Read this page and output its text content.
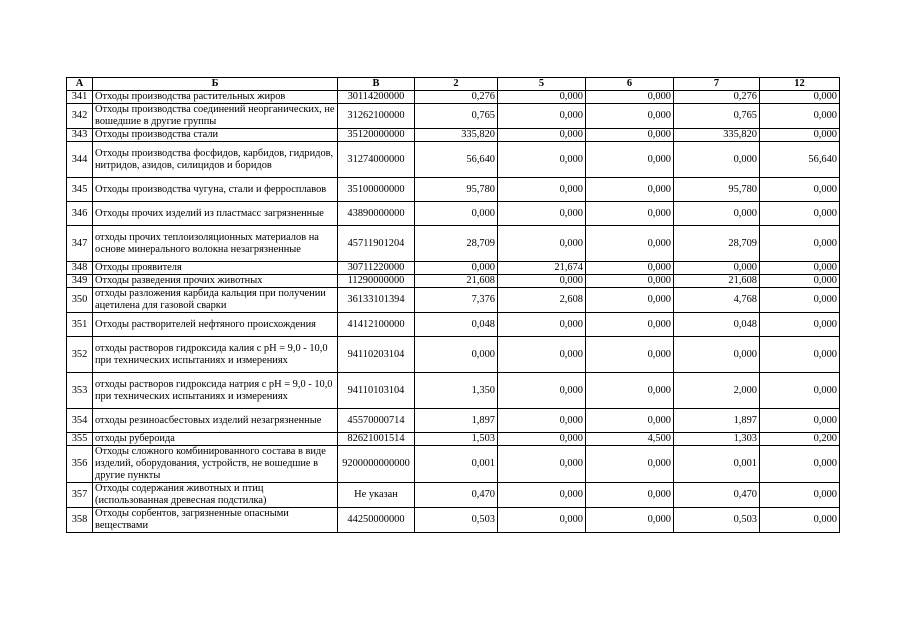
А	Б	В	2	5	6	7	12
341	Отходы производства растительных жиров	30114200000	0,276	0,000	0,000	0,276	0,000
342	Отходы производства соединений неорганических, не вошедшие в другие группы	31262100000	0,765	0,000	0,000	0,765	0,000
343	Отходы производства стали	35120000000	335,820	0,000	0,000	335,820	0,000
344	Отходы производства фосфидов, карбидов, гидридов, нитридов, азидов, силицидов и боридов	31274000000	56,640	0,000	0,000	0,000	56,640
345	Отходы производства чугуна, стали и ферросплавов	35100000000	95,780	0,000	0,000	95,780	0,000
346	Отходы прочих изделий из пластмасс загрязненные	43890000000	0,000	0,000	0,000	0,000	0,000
347	отходы прочих теплоизоляционных материалов на основе минерального волокна незагрязненные	45711901204	28,709	0,000	0,000	28,709	0,000
348	Отходы проявителя	30711220000	0,000	21,674	0,000	0,000	0,000
349	Отходы разведения прочих животных	11290000000	21,608	0,000	0,000	21,608	0,000
350	отходы разложения карбида кальция при получении ацетилена для газовой сварки	36133101394	7,376	2,608	0,000	4,768	0,000
351	Отходы растворителей нефтяного происхождения	41412100000	0,048	0,000	0,000	0,048	0,000
352	отходы растворов гидроксида калия с pH = 9,0 - 10,0 при технических испытаниях и измерениях	94110203104	0,000	0,000	0,000	0,000	0,000
353	отходы растворов гидроксида натрия с pH = 9,0 - 10,0 при технических испытаниях и измерениях	94110103104	1,350	0,000	0,000	2,000	0,000
354	отходы резиноасбестовых изделий незагрязненные	45570000714	1,897	0,000	0,000	1,897	0,000
355	отходы рубероида	82621001514	1,503	0,000	4,500	1,303	0,200
356	Отходы сложного комбинированного состава в виде изделий, оборудования, устройств, не вошедшие в другие пункты	9200000000000	0,001	0,000	0,000	0,001	0,000
357	Отходы содержания животных и птиц (использованная древесная подстилка)	Не указан	0,470	0,000	0,000	0,470	0,000
358	Отходы сорбентов, загрязненные опасными веществами	44250000000	0,503	0,000	0,000	0,503	0,000
